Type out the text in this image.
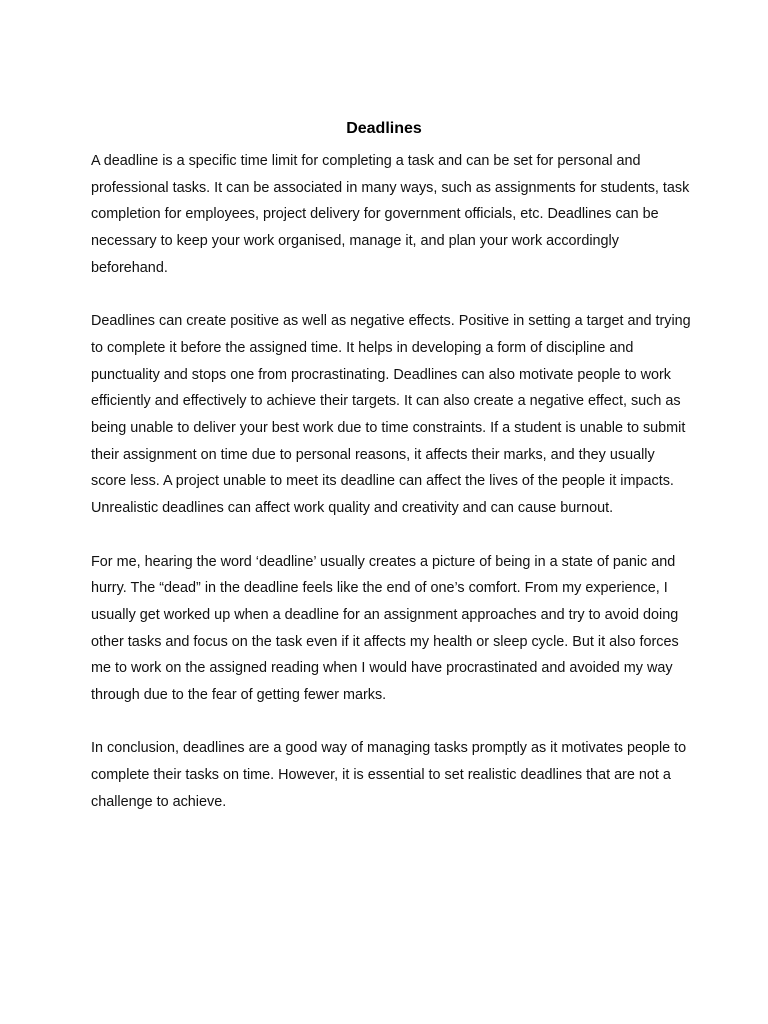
Deadlines

A deadline is a specific time limit for completing a task and can be set for personal and professional tasks. It can be associated in many ways, such as assignments for students, task completion for employees, project delivery for government officials, etc. Deadlines can be necessary to keep your work organised, manage it, and plan your work accordingly beforehand.

Deadlines can create positive as well as negative effects. Positive in setting a target and trying to complete it before the assigned time. It helps in developing a form of discipline and punctuality and stops one from procrastinating. Deadlines can also motivate people to work efficiently and effectively to achieve their targets. It can also create a negative effect, such as being unable to deliver your best work due to time constraints. If a student is unable to submit their assignment on time due to personal reasons, it affects their marks, and they usually score less. A project unable to meet its deadline can affect the lives of the people it impacts. Unrealistic deadlines can affect work quality and creativity and can cause burnout.

For me, hearing the word ‘deadline’ usually creates a picture of being in a state of panic and hurry. The “dead” in the deadline feels like the end of one’s comfort. From my experience, I usually get worked up when a deadline for an assignment approaches and try to avoid doing other tasks and focus on the task even if it affects my health or sleep cycle. But it also forces me to work on the assigned reading when I would have procrastinated and avoided my way through due to the fear of getting fewer marks.

In conclusion, deadlines are a good way of managing tasks promptly as it motivates people to complete their tasks on time. However, it is essential to set realistic deadlines that are not a challenge to achieve.
